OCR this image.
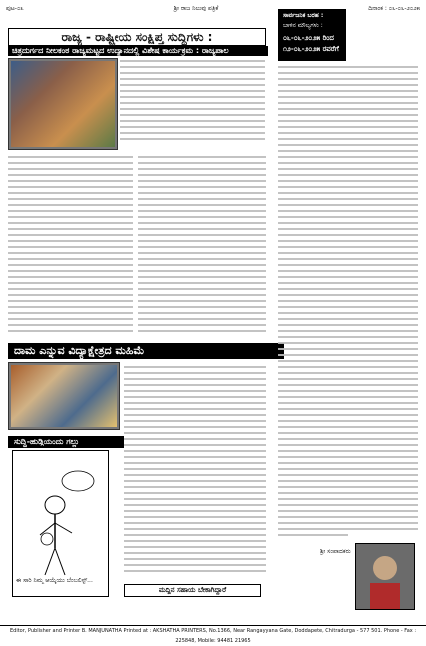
ಪುಟ-೦೩	ಶ್ರೀ ರಾಜ ನಿಲುವು ಪತ್ರಿಕೆ	ದಿನಾಂಕ : ೦೬-೦೬-೨೦೨೫
ರಾಜ್ಯ - ರಾಷ್ಟ್ರೀಯ ಸಂಕ್ಷಿಪ್ತ ಸುದ್ದಿಗಳು :
ಚಿತ್ರದುರ್ಗದ ನೀಲಕಂಠ ರಾಜ್ಯಮಟ್ಟದ ಉದ್ಯಾನದಲ್ಲಿ ವಿಶೇಷ ಕಾರ್ಯಕ್ರಮ : ರಾಜ್ಯಪಾಲ
ಸಾರ್ವಜನಿಕ ಬರಹ :
ಬಾಳಿನ ಮೌಲ್ಯಗಳು :
೦೬-೦೬-೨೦೨೫ ರಿಂದ
೧೨-೦೬-೨೦೨೫ ರವರೆಗೆ
ದಾಮ ಎನ್ನುವ ವಿದ್ಯಾಕ್ಷೇತ್ರದ ಮಹಿಮೆ
ಸುದ್ದಿ-ಹುಡ್ಗಿಯಂದು ಗಲ್ಲು
ಈ ಸಾರಿ ನಿಮ್ಮ ಆಯ್ಕೆಯು ಬೆಂಬಲಿಸ್ಟ್...
ಮದ್ದಿನ ಸಹಾಯ ಬೇಕಾಗಿದ್ದಾರೆ
ಶ್ರೀ ಸಂಪಾದಕರು
Editor, Publisher and Printer B. MANJUNATHA Printed at : AKSHATHA PRINTERS, No.1366, Near Rangayyana Gate, Doddapete, Chitradurga - 577 501. Phone - Fax : 225848, Mobile: 94481 21965
